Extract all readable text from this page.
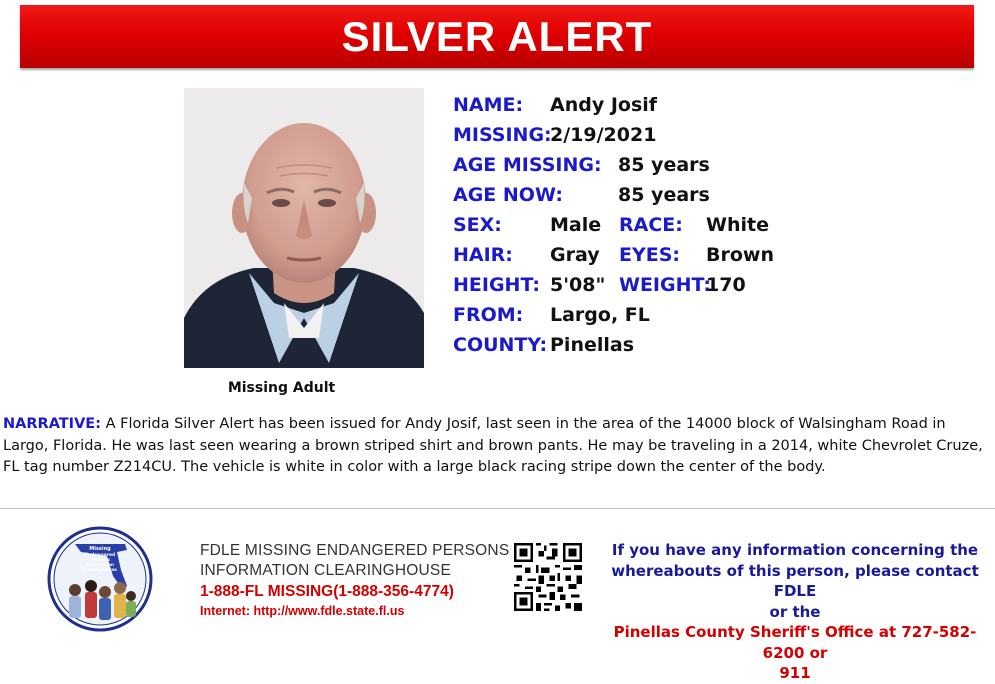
SILVER ALERT
Missing Adult
NAME: Andy Josif
MISSING:
2/19/2021
AGE MISSING: 85 years
AGE NOW:	85 years
SEX:	Male RACE: White
HAIR: Gray EYES: Brown
HEIGHT: 5'08" WEIGHT:
170
FROM: Largo, FL
COUNTY: Pinellas
NARRATIVE: A Florida Silver Alert has been issued for Andy Josif, last seen in the area of the 14000 block of Walsingham Road in Largo, Florida. He was last seen wearing a brown striped shirt and brown pants. He may be traveling in a 2014, white Chevrolet Cruze, FL tag number Z214CU. The vehicle is white in color with a large black racing stripe down the center of the body.
Missing
Endangered
Persons
Information
Clearinghouse
FDLE MISSING ENDANGERED PERSONS
INFORMATION CLEARINGHOUSE
1-888-FL MISSING(1-888-356-4774)
Internet: http://www.fdle.state.fl.us
If you have any information concerning the
whereabouts of this person, please contact FDLE
or the
Pinellas County Sheriff's Office at 727-582-6200 or
911
